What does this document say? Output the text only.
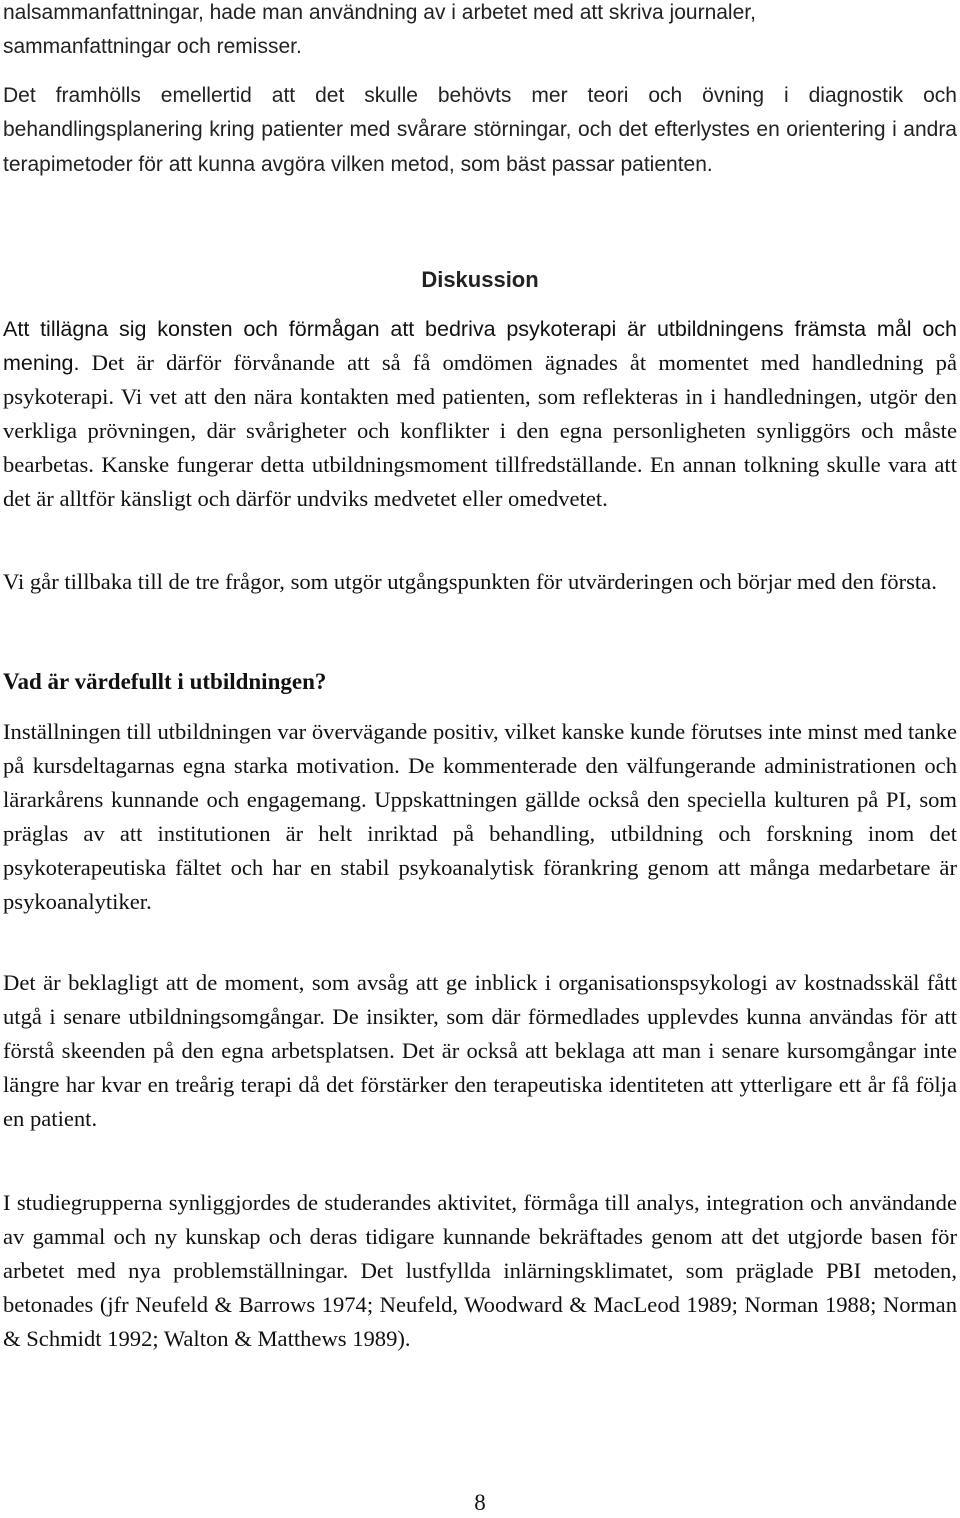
nalsammanfattningar, hade man användning av i arbetet med att skriva journaler,
sammanfattningar och remisser.

Det framhölls emellertid att det skulle behövts mer teori och övning i diagnostik och behandlingsplanering kring patienter med svårare störningar, och det efterlystes en orientering i andra terapimetoder för att kunna avgöra vilken metod, som bäst passar patienten.

Diskussion

Att tillägna sig konsten och förmågan att bedriva psykoterapi är utbildningens främsta mål och mening. Det är därför förvånande att så få omdömen ägnades åt momentet med handledning på psykoterapi. Vi vet att den nära kontakten med patienten, som reflekteras in i handledningen, utgör den verkliga prövningen, där svårigheter och konflikter i den egna personligheten synliggörs och måste bearbetas. Kanske fungerar detta utbildningsmoment tillfredställande. En annan tolkning skulle vara att det är alltför känsligt och därför undviks medvetet eller omedvetet.

Vi går tillbaka till de tre frågor, som utgör utgångspunkten för utvärderingen och börjar med den första.

Vad är värdefullt i utbildningen?

Inställningen till utbildningen var övervägande positiv, vilket kanske kunde förutses inte minst med tanke på kursdeltagarnas egna starka motivation. De kommenterade den välfungerande administrationen och lärarkårens kunnande och engagemang. Uppskattningen gällde också den speciella kulturen på PI, som präglas av att institutionen är helt inriktad på behandling, utbildning och forskning inom det psykoterapeutiska fältet och har en stabil psykoanalytisk förankring genom att många medarbetare är psykoanalytiker.

Det är beklagligt att de moment, som avsåg att ge inblick i organisationspsykologi av kostnadsskäl fått utgå i senare utbildningsomgångar. De insikter, som där förmedlades upplevdes kunna användas för att förstå skeenden på den egna arbetsplatsen. Det är också att beklaga att man i senare kursomgångar inte längre har kvar en treårig terapi då det förstärker den terapeutiska identiteten att ytterligare ett år få följa en patient.

I studiegrupperna synliggjordes de studerandes aktivitet, förmåga till analys, integration och användande av gammal och ny kunskap och deras tidigare kunnande bekräftades genom att det utgjorde basen för arbetet med nya problemställningar. Det lustfyllda inlärningsklimatet, som präglade PBI metoden, betonades (jfr Neufeld & Barrows 1974; Neufeld, Woodward & MacLeod 1989; Norman 1988; Norman & Schmidt 1992; Walton & Matthews 1989).

8
